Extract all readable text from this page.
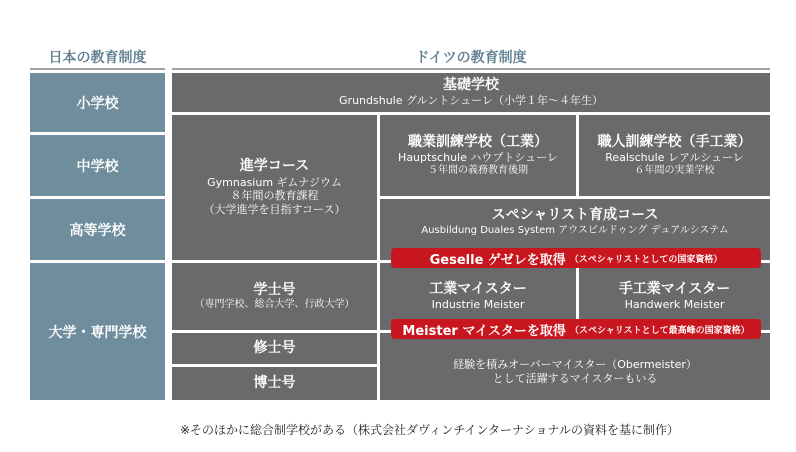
日本の教育制度	ドイツの教育制度
小学校
中学校
高等学校
大学・専門学校
基礎学校
Grundshule グルントシューレ（小学１年〜４年生）
進学コース
Gymnasium ギムナジウム
８年間の教育課程
（大学進学を目指すコース）
職業訓練学校（工業）
Hauptschule ハウプトシューレ
５年間の義務教育後期
職人訓練学校（手工業）
Realschule レアルシューレ
６年間の実業学校
スペシャリスト育成コース
Ausbildung Duales System アウスビルドゥング デュアルシステム
学士号
（専門学校、総合大学、行政大学）
工業マイスター
Industrie Meister
手工業マイスター
Handwerk Meister
修士号
博士号
経験を積みオーバーマイスター（Obermeister）
として活躍するマイスターもいる
Geselle ゲゼレを取得 （スペシャリストとしての国家資格）
Meister マイスターを取得 （スペシャリストとして最高峰の国家資格）
※そのほかに総合制学校がある（株式会社ダヴィンチインターナショナルの資料を基に制作）
